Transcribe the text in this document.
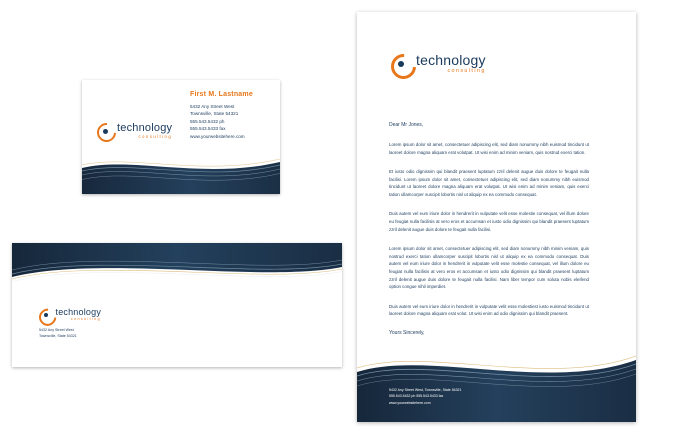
First M. Lastname
5432 Any Street West
Townsville, State 54321
555.543.5432 ph
555.543.5433 fax
www.yourwebsitehere.com
technology
consulting
technology
consulting
5432 Any Street West
Townsville, State 54321
technology
consulting
Dear Mr Jones,

Lorem ipsum dolor sit amet, consectetuer adipiscing elit, sed diam nonummy nibh euismod tincidunt ut laoreet dolore magna aliquam erat volutpat. Ut wisi enim ad minim veniam, quis nostrud exerci tation.

Et iusto odio dignissim qui blandit praesent luptatum zzril delenit augue duis dolore te feugait nulla facilisi. Lorem ipsum dolor sit amet, consectetuer adipiscing elit, sed diam nonummy nibh euismod tincidunt ut laoreet dolore magna aliquam erat volutpat. Ut wisi enim ad minim veniam, quis exerci tation ullamcorper suscipit lobortis nisl ut aliquip ex ea commodo consequat.

Duis autem vel eum iriure dolor in hendrerit in vulputate velit esse molestie consequat, vel illum dolore eu feugiat nulla facilisis at vero eros et accumsan et iusto odio dignissim qui blandit praesent luptatum zzril delenit augue duis dolore te feugait nulla facilisi.

Lorem ipsum dolor sit amet, consectetuer adipiscing elit, sed diam nonummy nibh minim veniam, quis nostrud exerci tation ullamcorper suscipit lobortis nisl ut aliquip ex ea commodo consequat. Duis autem vel eum iriure dolor in hendrerit in vulputate velit esse molestie consequat, vel illum dolore eu feugiat nulla facilisis at vero eros et accumsan et iusto odio dignissim qui blandit praesent luptatum zzril delenit augue duis dolore te feugait nulla facilisi. Nam liber tempor cum soluta nobis eleifend option congue nihil imperdiet.

Duis autem vel eum iriure dolor in hendrerit in vulputate velit esse molestiest iusto euismod tincidunt ut laoreet dolore magna aliquam erat volut. Ut wisi enim ad odio dignissim qui blandit praesent.

Yours Sincerely,
5432 Any Street West, Townsville, State 54321
555.543.5432 ph 555.543.5433 fax
www.yourwebsitehere.com
